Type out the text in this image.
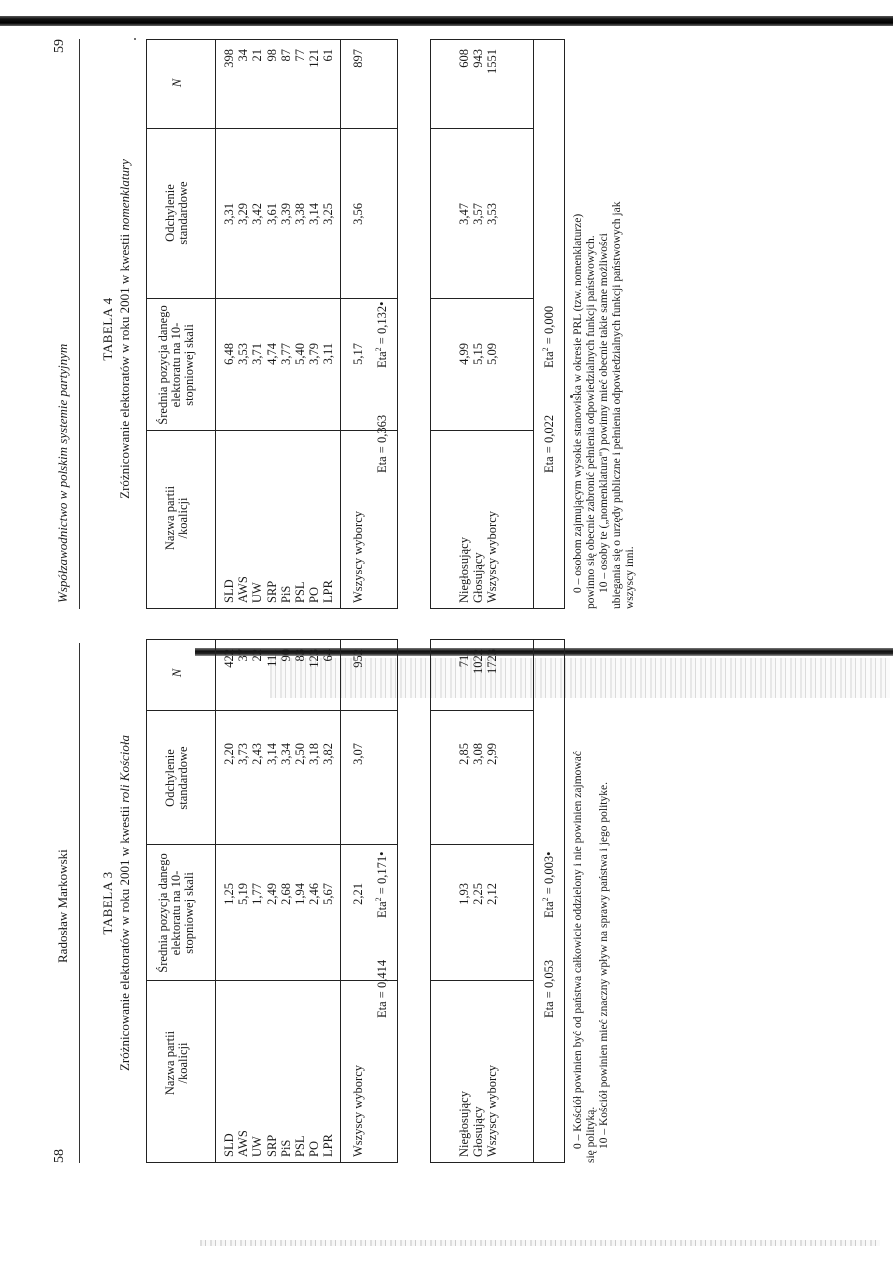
58
Radosław Markowski TABELA 3 Zróżnicowanie elektoratów w roku 2001 w kwestii roli Kościoła
Nazwa partii /koalicji
Średnia pozycja danego elektoratu na 10-stopniowej skali
Odchylenie standardowe
N
SLD
1,25
2,20
422
AWS
5,19
3,73
37
UW
1,77
2,43
22
SRP
2,49
3,14
111
PiS
2,68
3,34
90
PSL
1,94
2,50
83
PO
2,46
3,18
123
LPR
5,67
3,82
64
Wszyscy wyborcy
2,21
3,07
952
Eta = 0,414
Eta$^2$ = 0,171•
Niegłosujący
1,93
2,85
711
Głosujący
2,25
3,08
1022
Wszyscy wyborcy
2,12
2,99
1723
Eta = 0,053
Eta$^2$ = 0,003• 0 – Kościół powinien być od państwa całkowicie oddzielony i nie powinien zajmować się polityką. 10 – Kościół powinien mieć znaczny wpływ na sprawy państwa i jego polityke.
Współzawodnictwo w polskim systemie partyjnym
59
TABELA 4 Zróżnicowanie elektoratów w roku 2001 w kwestii nomenklatury
Nazwa partii /koalicji
Średnia pozycja danego elektoratu na 10-stopniowej skali
Odchylenie standardowe
N
SLD
6,48
3,31
398
AWS
3,53
3,29
34
UW
3,71
3,42
21
SRP
4,74
3,61
98
PiS
3,77
3,39
87
PSL
5,40
3,38
77
PO
3,79
3,14
121
LPR
3,11
3,25
61
Wszyscy wyborcy
5,17
3,56
897
Eta = 0,363
Eta$^2$ = 0,132•
Niegłosujący
4,99
3,47
608
Głosujący
5,15
3,57
943
Wszyscy wyborcy
5,09
3,53
1551
Eta = 0,022
Eta$^2$ = 0,000 0 – osobom zajmującym wysokie stanowiska w okresie PRL (tzw. nomenklaturze) powinno się obecnie zabronić pełnienia odpowiedzialnych funkcji państwowych. 10 – osoby te („nomenklatura") powinny mieć obecnie takie same możliwości ubiegania się o urzędy publiczne i pełnienia odpowiedzialnych funkcji państwowych jak wszyscy inni.
